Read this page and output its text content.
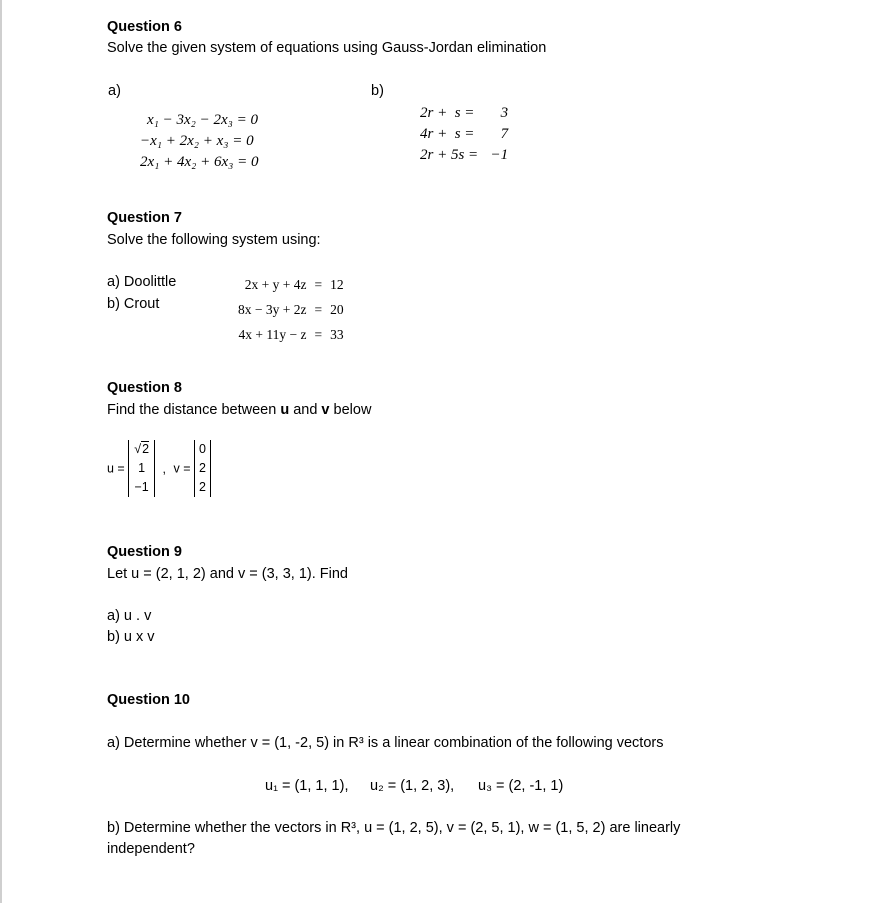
Question 6
Solve the given system of equations using Gauss-Jordan elimination
a)	b)
x₁ − 3x₂ − 2x₃ = 0
−x₁ + 2x₂ + x₃ = 0
2x₁ + 4x₂ + 6x₃ = 0
2r +  s =	3
4r +  s =	7
2r + 5s =	−1
Question 7
Solve the following system using:
a) Doolittle
b) Crout
2x + y + 4z	=	12
8x − 3y + 2z	=	20
4x + 11y − z	=	33
Question 8
Find the distance between u and v below
u =
√2
1
−1
, v =
0
2
2
Question 9
Let u = (2, 1, 2) and v = (3, 3, 1). Find
a) u . v
b) u x v
Question 10
a) Determine whether v = (1, -2, 5) in R³ is a linear combination of the following vectors
u₁ = (1, 1, 1), u₂ = (1, 2, 3), u₃ = (2, -1, 1)
b) Determine whether the vectors in R³, u = (1, 2, 5), v = (2, 5, 1), w = (1, 5, 2) are linearly
independent?
